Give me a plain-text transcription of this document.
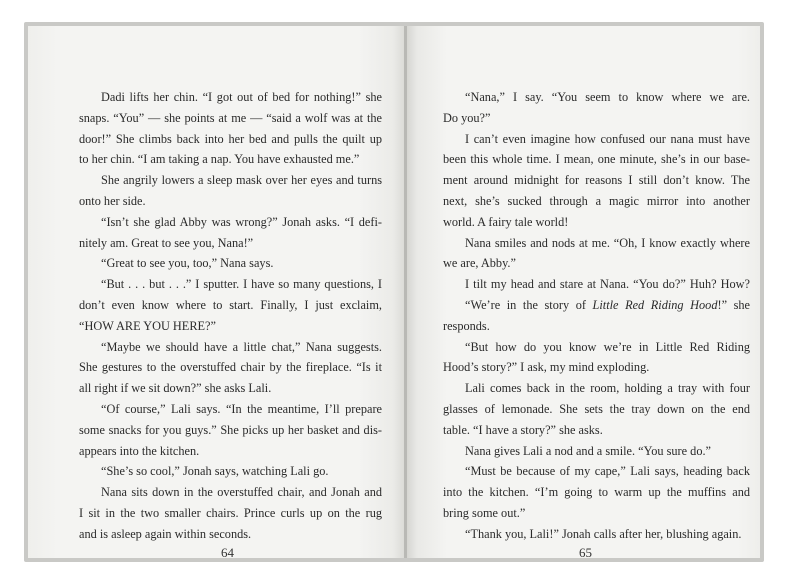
Dadi lifts her chin. “I got out of bed for nothing!” she
snaps. “You” — she points at me — “said a wolf was at the
door!” She climbs back into her bed and pulls the quilt up
to her chin. “I am taking a nap. You have exhausted me.”
She angrily lowers a sleep mask over her eyes and turns
onto her side.
“Isn’t she glad Abby was wrong?” Jonah asks. “I defi-
nitely am. Great to see you, Nana!”
“Great to see you, too,” Nana says.
“But . . . but . . .” I sputter. I have so many questions, I
don’t even know where to start. Finally, I just exclaim,
“HOW ARE YOU HERE?”
“Maybe we should have a little chat,” Nana suggests.
She gestures to the overstuffed chair by the fireplace. “Is it
all right if we sit down?” she asks Lali.
“Of course,” Lali says. “In the meantime, I’ll prepare
some snacks for you guys.” She picks up her basket and dis-
appears into the kitchen.
“She’s so cool,” Jonah says, watching Lali go.
Nana sits down in the overstuffed chair, and Jonah and
I sit in the two smaller chairs. Prince curls up on the rug
and is asleep again within seconds.
64
“Nana,” I say. “You seem to know where we are.
Do you?”
I can’t even imagine how confused our nana must have
been this whole time. I mean, one minute, she’s in our base-
ment around midnight for reasons I still don’t know. The
next, she’s sucked through a magic mirror into another
world. A fairy tale world!
Nana smiles and nods at me. “Oh, I know exactly where
we are, Abby.”
I tilt my head and stare at Nana. “You do?” Huh? How?
“We’re in the story of Little Red Riding Hood!” she
responds.
“But how do you know we’re in Little Red Riding
Hood’s story?” I ask, my mind exploding.
Lali comes back in the room, holding a tray with four
glasses of lemonade. She sets the tray down on the end
table. “I have a story?” she asks.
Nana gives Lali a nod and a smile. “You sure do.”
“Must be because of my cape,” Lali says, heading back
into the kitchen. “I’m going to warm up the muffins and
bring some out.”
“Thank you, Lali!” Jonah calls after her, blushing again.
65
